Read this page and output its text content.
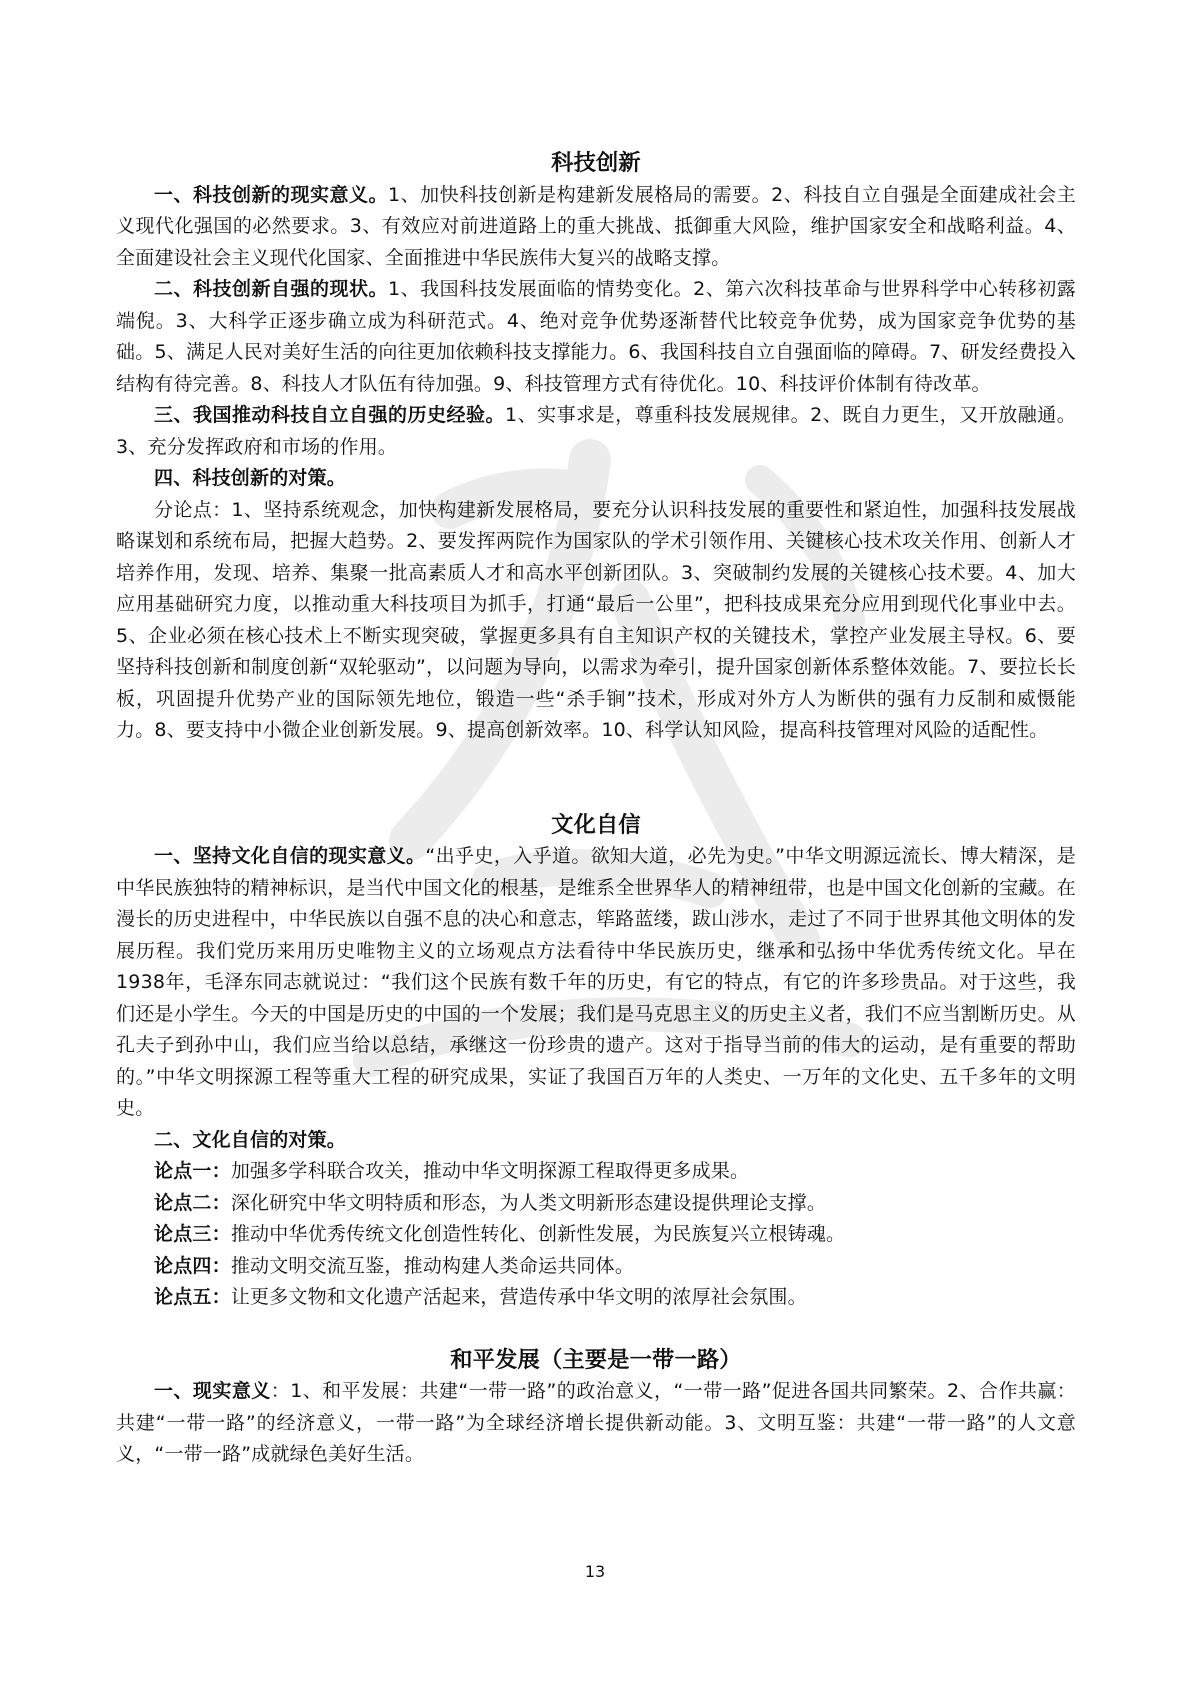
科技创新

一、科技创新的现实意义。1、加快科技创新是构建新发展格局的需要。2、科技自立自强是全面建成社会主义现代化强国的必然要求。3、有效应对前进道路上的重大挑战、抵御重大风险，维护国家安全和战略利益。4、全面建设社会主义现代化国家、全面推进中华民族伟大复兴的战略支撑。

二、科技创新自强的现状。1、我国科技发展面临的情势变化。2、第六次科技革命与世界科学中心转移初露端倪。3、大科学正逐步确立成为科研范式。4、绝对竞争优势逐渐替代比较竞争优势，成为国家竞争优势的基础。5、满足人民对美好生活的向往更加依赖科技支撑能力。6、我国科技自立自强面临的障碍。7、研发经费投入结构有待完善。8、科技人才队伍有待加强。9、科技管理方式有待优化。10、科技评价体制有待改革。

三、我国推动科技自立自强的历史经验。1、实事求是，尊重科技发展规律。2、既自力更生，又开放融通。3、充分发挥政府和市场的作用。

四、科技创新的对策。

分论点：1、坚持系统观念，加快构建新发展格局，要充分认识科技发展的重要性和紧迫性，加强科技发展战略谋划和系统布局，把握大趋势。2、要发挥两院作为国家队的学术引领作用、关键核心技术攻关作用、创新人才培养作用，发现、培养、集聚一批高素质人才和高水平创新团队。3、突破制约发展的关键核心技术要。4、加大应用基础研究力度，以推动重大科技项目为抓手，打通“最后一公里”，把科技成果充分应用到现代化事业中去。5、企业必须在核心技术上不断实现突破，掌握更多具有自主知识产权的关键技术，掌控产业发展主导权。6、要坚持科技创新和制度创新“双轮驱动”，以问题为导向，以需求为牵引，提升国家创新体系整体效能。7、要拉长长板，巩固提升优势产业的国际领先地位，锻造一些“杀手锏”技术，形成对外方人为断供的强有力反制和威慑能力。8、要支持中小微企业创新发展。9、提高创新效率。10、科学认知风险，提高科技管理对风险的适配性。

文化自信

一、坚持文化自信的现实意义。“出乎史，入乎道。欲知大道，必先为史。”中华文明源远流长、博大精深，是中华民族独特的精神标识，是当代中国文化的根基，是维系全世界华人的精神纽带，也是中国文化创新的宝藏。在漫长的历史进程中，中华民族以自强不息的决心和意志，筚路蓝缕，跋山涉水，走过了不同于世界其他文明体的发展历程。我们党历来用历史唯物主义的立场观点方法看待中华民族历史，继承和弘扬中华优秀传统文化。早在1938年，毛泽东同志就说过：“我们这个民族有数千年的历史，有它的特点，有它的许多珍贵品。对于这些，我们还是小学生。今天的中国是历史的中国的一个发展；我们是马克思主义的历史主义者，我们不应当割断历史。从孔夫子到孙中山，我们应当给以总结，承继这一份珍贵的遗产。这对于指导当前的伟大的运动，是有重要的帮助的。”中华文明探源工程等重大工程的研究成果，实证了我国百万年的人类史、一万年的文化史、五千多年的文明史。

二、文化自信的对策。

论点一：加强多学科联合攻关，推动中华文明探源工程取得更多成果。

论点二：深化研究中华文明特质和形态，为人类文明新形态建设提供理论支撑。

论点三：推动中华优秀传统文化创造性转化、创新性发展，为民族复兴立根铸魂。

论点四：推动文明交流互鉴，推动构建人类命运共同体。

论点五：让更多文物和文化遗产活起来，营造传承中华文明的浓厚社会氛围。

和平发展（主要是一带一路）

一、现实意义：1、和平发展：共建“一带一路”的政治意义，“一带一路”促进各国共同繁荣。2、合作共赢：共建“一带一路”的经济意义，一带一路”为全球经济增长提供新动能。3、文明互鉴：共建“一带一路”的人文意义，“一带一路”成就绿色美好生活。

13
